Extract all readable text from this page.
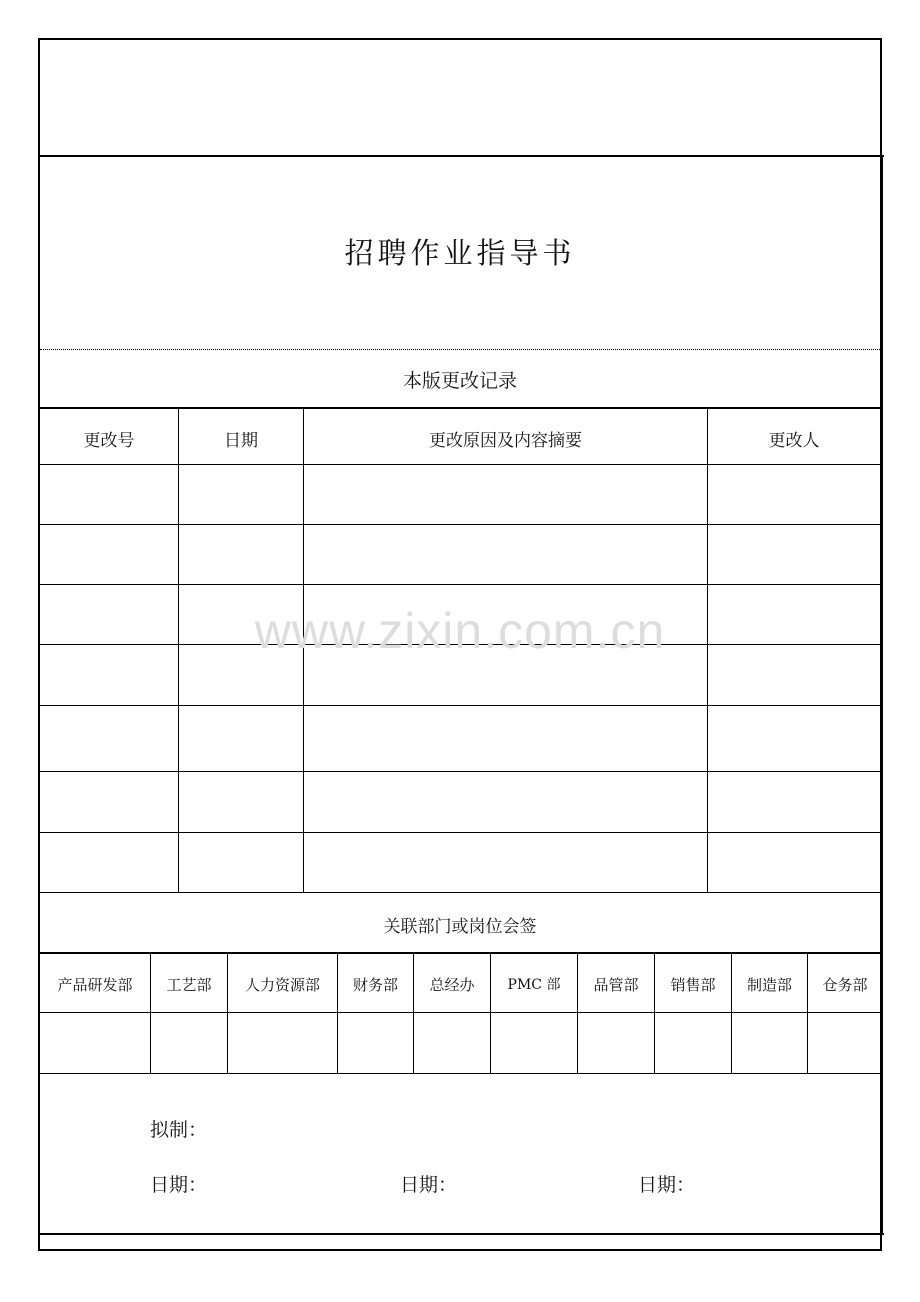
招聘作业指导书
本版更改记录
更改号	日期	更改原因及内容摘要	更改人
关联部门或岗位会签
产品研发部	工艺部	人力资源部	财务部	总经办	PMC 部	品管部	销售部	制造部	仓务部
拟制：
日期：	日期：	日期：
www.zixin.com.cn
